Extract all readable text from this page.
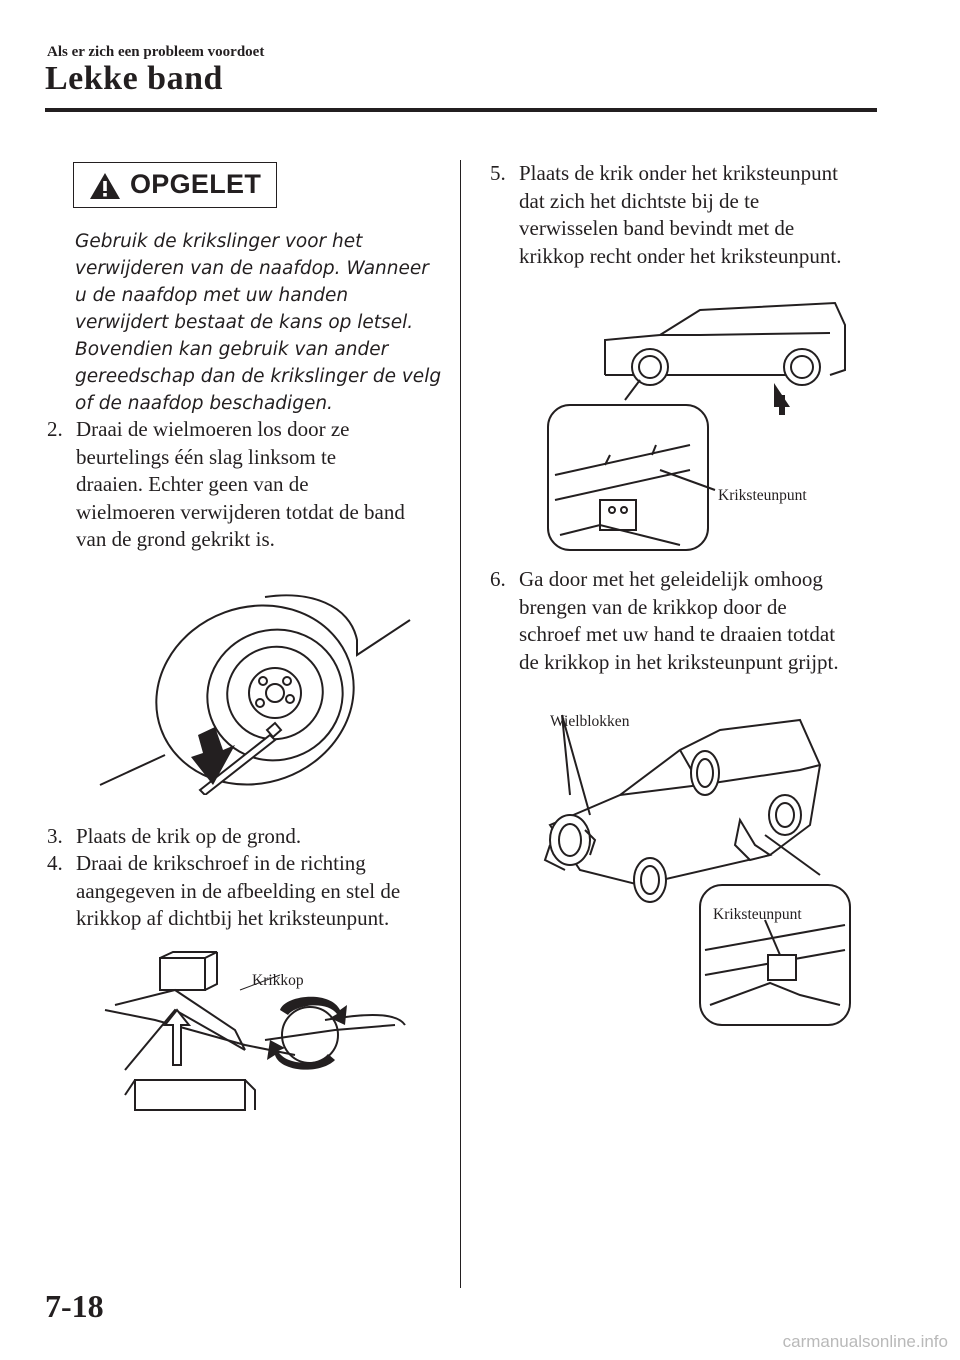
Als er zich een probleem voordoet
Lekke band
OPGELET
Gebruik de krikslinger voor het
verwijderen van de naafdop. Wanneer
u de naafdop met uw handen
verwijdert bestaat de kans op letsel.
Bovendien kan gebruik van ander
gereedschap dan de krikslinger de velg
of de naafdop beschadigen.
2. Draai de wielmoeren los door ze
beurtelings één slag linksom te
draaien. Echter geen van de
wielmoeren verwijderen totdat de band
van de grond gekrikt is.
3. Plaats de krik op de grond.
4. Draai de krikschroef in de richting
aangegeven in de afbeelding en stel de
krikkop af dichtbij het kriksteunpunt.
Krikkop
5. Plaats de krik onder het kriksteunpunt
dat zich het dichtste bij de te
verwisselen band bevindt met de
krikkop recht onder het kriksteunpunt.
Kriksteunpunt
6. Ga door met het geleidelijk omhoog
brengen van de krikkop door de
schroef met uw hand te draaien totdat
de krikkop in het kriksteunpunt grijpt.
Wielblokken
Kriksteunpunt
7-18
carmanualsonline.info
